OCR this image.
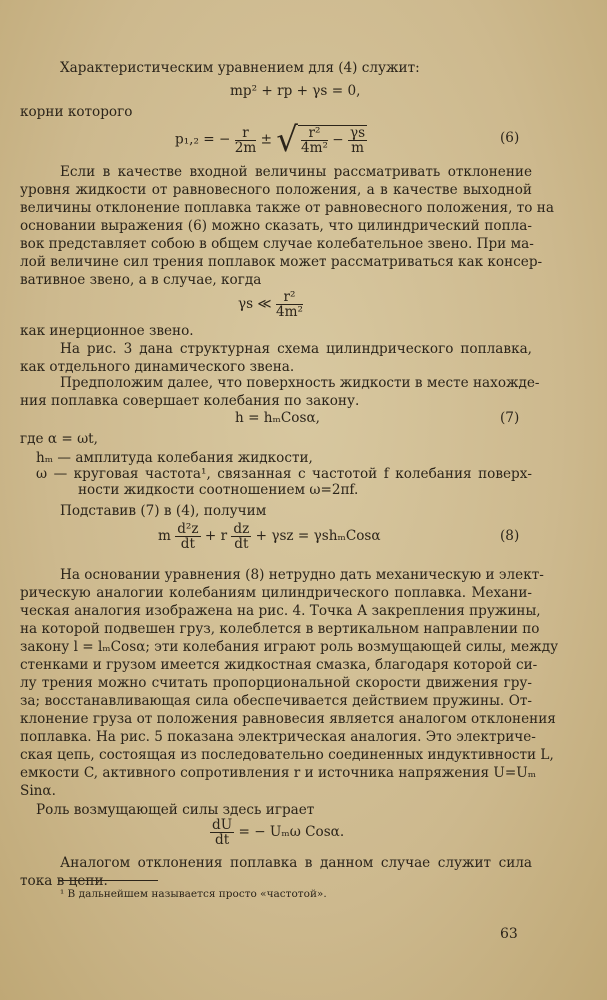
Характеристическим уравнением для (4) служит:
mp² + rp + γs = 0,
корни которого
p₁,₂ = − $\frac{r}{2m}$ ± √ $\frac{\text{r²}}{\text{4m²}} - \frac{\gamma s}{m}$	(6)
Если в качестве входной величины рассматривать отклонение
уровня жидкости от равновесного положения, а в качестве выходной
величины отклонение поплавка также от равновесного положения, то на
основании выражения (6) можно сказать, что цилиндрический попла-
вок представляет собою в общем случае колебательное звено. При ма-
лой величине сил трения поплавок может рассматриваться как консер-
вативное звено, а в случае, когда
γs ≪ $\frac{\text{r²}}{\text{4m²}}$
как инерционное звено.
На рис. 3 дана структурная схема цилиндрического поплавка,
как отдельного динамического звена.
Предположим далее, что поверхность жидкости в месте нахожде-
ния поплавка совершает колебания по закону.
h = hₘCosα,	(7)
где α = ωt,
hₘ — амплитуда колебания жидкости,
ω — круговая частота¹, связанная с частотой f колебания поверх-
ности жидкости соотношением ω=2πf.
Подставив (7) в (4), получим
m $\frac{\text{d²z}}{dt} + r \frac{dz}{dt} + \gamma sz = \gamma sh_mCos\alpha$	(8)
На основании уравнения (8) нетрудно дать механическую и элект-
рическую аналогии колебаниям цилиндрического поплавка. Механи-
ческая аналогия изображена на рис. 4. Точка А закрепления пружины,
на которой подвешен груз, колеблется в вертикальном направлении по
закону l = lₘCosα; эти колебания играют роль возмущающей силы, между
стенками и грузом имеется жидкостная смазка, благодаря которой си-
лу трения можно считать пропорциональной скорости движения гру-
за; восстанавливающая сила обеспечивается действием пружины. От-
клонение груза от положения равновесия является аналогом отклонения
поплавка. На рис. 5 показана электрическая аналогия. Это электриче-
ская цепь, состоящая из последовательно соединенных индуктивности L,
емкости C, активного сопротивления r и источника напряжения U=Uₘ
Sinα.
Роль возмущающей силы здесь играет
$\frac{dU}{dt}$ = − Uₘω Cosα.
Аналогом отклонения поплавка в данном случае служит сила
тока в цепи.
¹ В дальнейшем называется просто «частотой».
63
